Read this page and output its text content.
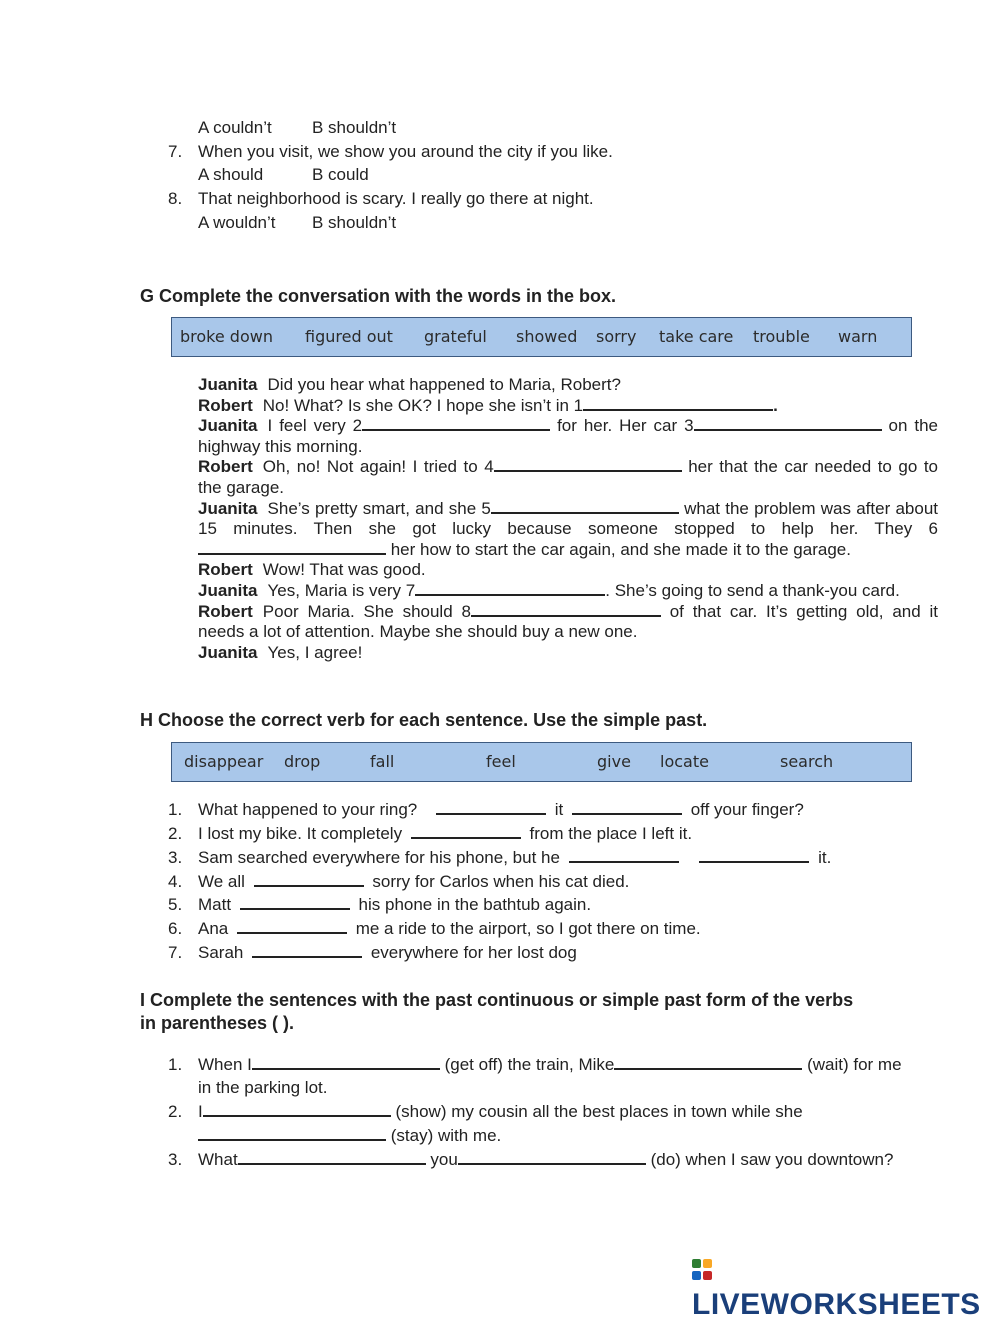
A couldn’t B shouldn’t
7. When you visit, we show you around the city if you like.
A should	B could
8. That neighborhood is scary. I really go there at night.
A wouldn’t B shouldn’t
G Complete the conversation with the words in the box.
broke down figured out grateful showed sorry take care trouble warn

Juanita Did you hear what happened to Maria, Robert?

Robert No! What? Is she OK? I hope she isn’t in 1	.

Juanita I feel very 2	for her. Her car 3	on the highway this morning.

Robert Oh, no! Not again! I tried to 4	her that the car needed to go to the garage.

Juanita She’s pretty smart, and she 5	what the problem was after about 15 minutes. Then she got lucky because someone stopped to help her. They 6 her how to start the car again, and she made it to the garage.

Robert Wow! That was good.

Juanita Yes, Maria is very 7	. She’s going to send a thank-you card.

Robert Poor Maria. She should 8	of that car. It’s getting old, and it needs a lot of attention. Maybe she should buy a new one.

Juanita Yes, I agree!

H Choose the correct verb for each sentence. Use the simple past.
disappear drop	fall	feel	give locate	search
1. What happened to your ring?	it	off your finger?
2. I lost my bike. It completely	from the place I left it.
3. Sam searched everywhere for his phone, but he	it.
4. We all	sorry for Carlos when his cat died.
5. Matt	his phone in the bathtub again.
6. Ana	me a ride to the airport, so I got there on time.
7. Sarah	everywhere for her lost dog
I Complete the sentences with the past continuous or simple past form of the verbs
in parentheses ( ).
1. When I	(get off) the train, Mike	(wait) for me
in the parking lot.
2. I	(show) my cousin all the best places in town while she
(stay) with me.
3. What	you	(do) when I saw you downtown?
LIVEWORKSHEETS
